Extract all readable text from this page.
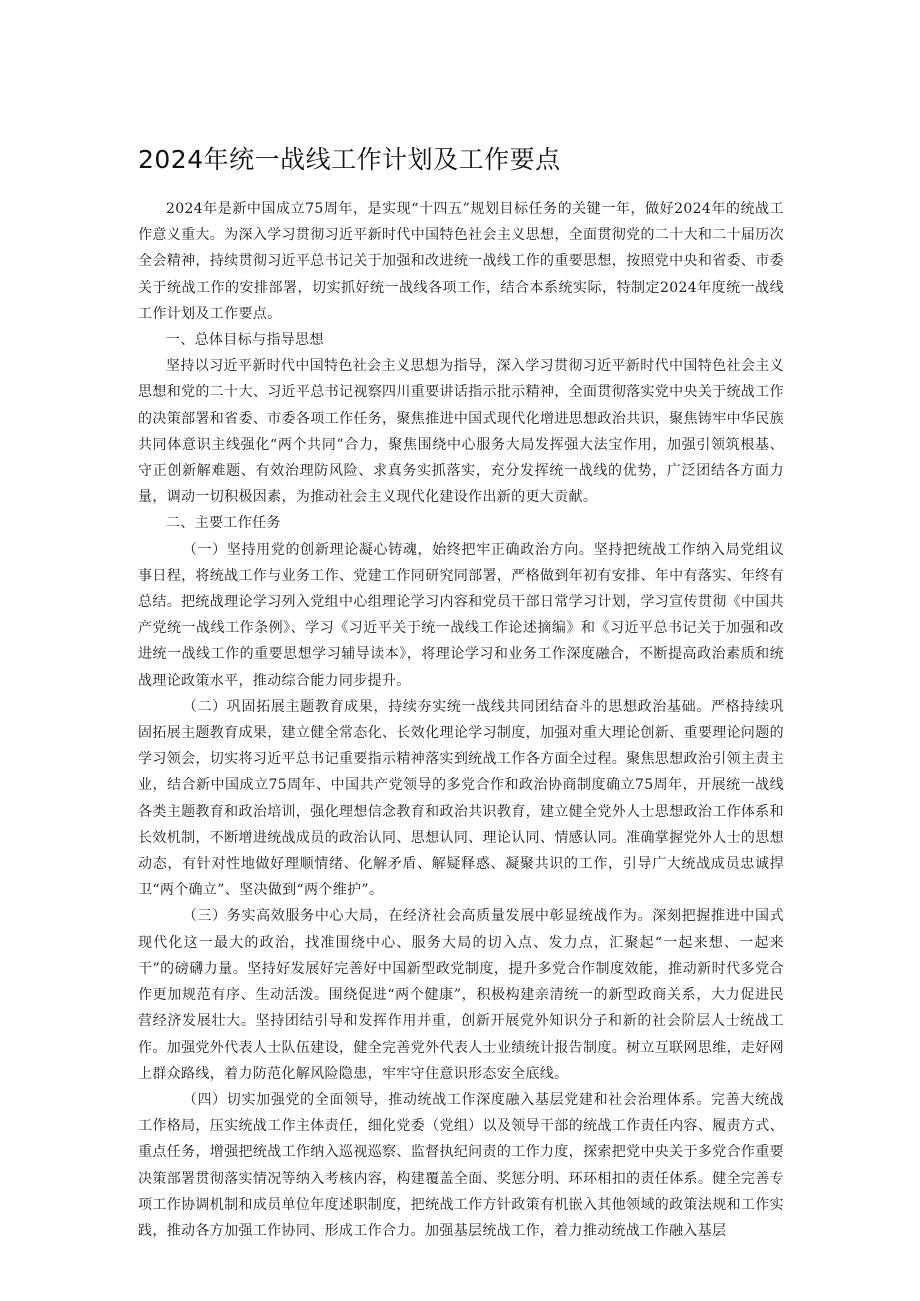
2024年统一战线工作计划及工作要点

2024年是新中国成立75周年，是实现“十四五”规划目标任务的关键一年，做好2024年的统战工作意义重大。为深入学习贯彻习近平新时代中国特色社会主义思想，全面贯彻党的二十大和二十届历次全会精神，持续贯彻习近平总书记关于加强和改进统一战线工作的重要思想，按照党中央和省委、市委关于统战工作的安排部署，切实抓好统一战线各项工作，结合本系统实际，特制定2024年度统一战线工作计划及工作要点。

一、总体目标与指导思想

坚持以习近平新时代中国特色社会主义思想为指导，深入学习贯彻习近平新时代中国特色社会主义思想和党的二十大、习近平总书记视察四川重要讲话指示批示精神，全面贯彻落实党中央关于统战工作的决策部署和省委、市委各项工作任务，聚焦推进中国式现代化增进思想政治共识，聚焦铸牢中华民族共同体意识主线强化“两个共同”合力，聚焦围绕中心服务大局发挥强大法宝作用，加强引领筑根基、守正创新解难题、有效治理防风险、求真务实抓落实，充分发挥统一战线的优势，广泛团结各方面力量，调动一切积极因素，为推动社会主义现代化建设作出新的更大贡献。

二、主要工作任务

（一）坚持用党的创新理论凝心铸魂，始终把牢正确政治方向。坚持把统战工作纳入局党组议事日程，将统战工作与业务工作、党建工作同研究同部署，严格做到年初有安排、年中有落实、年终有总结。把统战理论学习列入党组中心组理论学习内容和党员干部日常学习计划，学习宣传贯彻《中国共产党统一战线工作条例》、学习《习近平关于统一战线工作论述摘编》和《习近平总书记关于加强和改进统一战线工作的重要思想学习辅导读本》，将理论学习和业务工作深度融合，不断提高政治素质和统战理论政策水平，推动综合能力同步提升。

（二）巩固拓展主题教育成果，持续夯实统一战线共同团结奋斗的思想政治基础。严格持续巩固拓展主题教育成果，建立健全常态化、长效化理论学习制度，加强对重大理论创新、重要理论问题的学习领会，切实将习近平总书记重要指示精神落实到统战工作各方面全过程。聚焦思想政治引领主责主业，结合新中国成立75周年、中国共产党领导的多党合作和政治协商制度确立75周年，开展统一战线各类主题教育和政治培训，强化理想信念教育和政治共识教育，建立健全党外人士思想政治工作体系和长效机制，不断增进统战成员的政治认同、思想认同、理论认同、情感认同。准确掌握党外人士的思想动态，有针对性地做好理顺情绪、化解矛盾、解疑释惑、凝聚共识的工作，引导广大统战成员忠诚捍卫“两个确立”、坚决做到“两个维护”。

（三）务实高效服务中心大局，在经济社会高质量发展中彰显统战作为。深刻把握推进中国式现代化这一最大的政治，找准围绕中心、服务大局的切入点、发力点，汇聚起“一起来想、一起来干”的磅礴力量。坚持好发展好完善好中国新型政党制度，提升多党合作制度效能，推动新时代多党合作更加规范有序、生动活泼。围绕促进“两个健康”，积极构建亲清统一的新型政商关系，大力促进民营经济发展壮大。坚持团结引导和发挥作用并重，创新开展党外知识分子和新的社会阶层人士统战工作。加强党外代表人士队伍建设，健全完善党外代表人士业绩统计报告制度。树立互联网思维，走好网上群众路线，着力防范化解风险隐患，牢牢守住意识形态安全底线。

（四）切实加强党的全面领导，推动统战工作深度融入基层党建和社会治理体系。完善大统战工作格局，压实统战工作主体责任，细化党委（党组）以及领导干部的统战工作责任内容、履责方式、重点任务，增强把统战工作纳入巡视巡察、监督执纪问责的工作力度，探索把党中央关于多党合作重要决策部署贯彻落实情况等纳入考核内容，构建覆盖全面、奖惩分明、环环相扣的责任体系。健全完善专项工作协调机制和成员单位年度述职制度，把统战工作方针政策有机嵌入其他领域的政策法规和工作实践，推动各方加强工作协同、形成工作合力。加强基层统战工作，着力推动统战工作融入基层
